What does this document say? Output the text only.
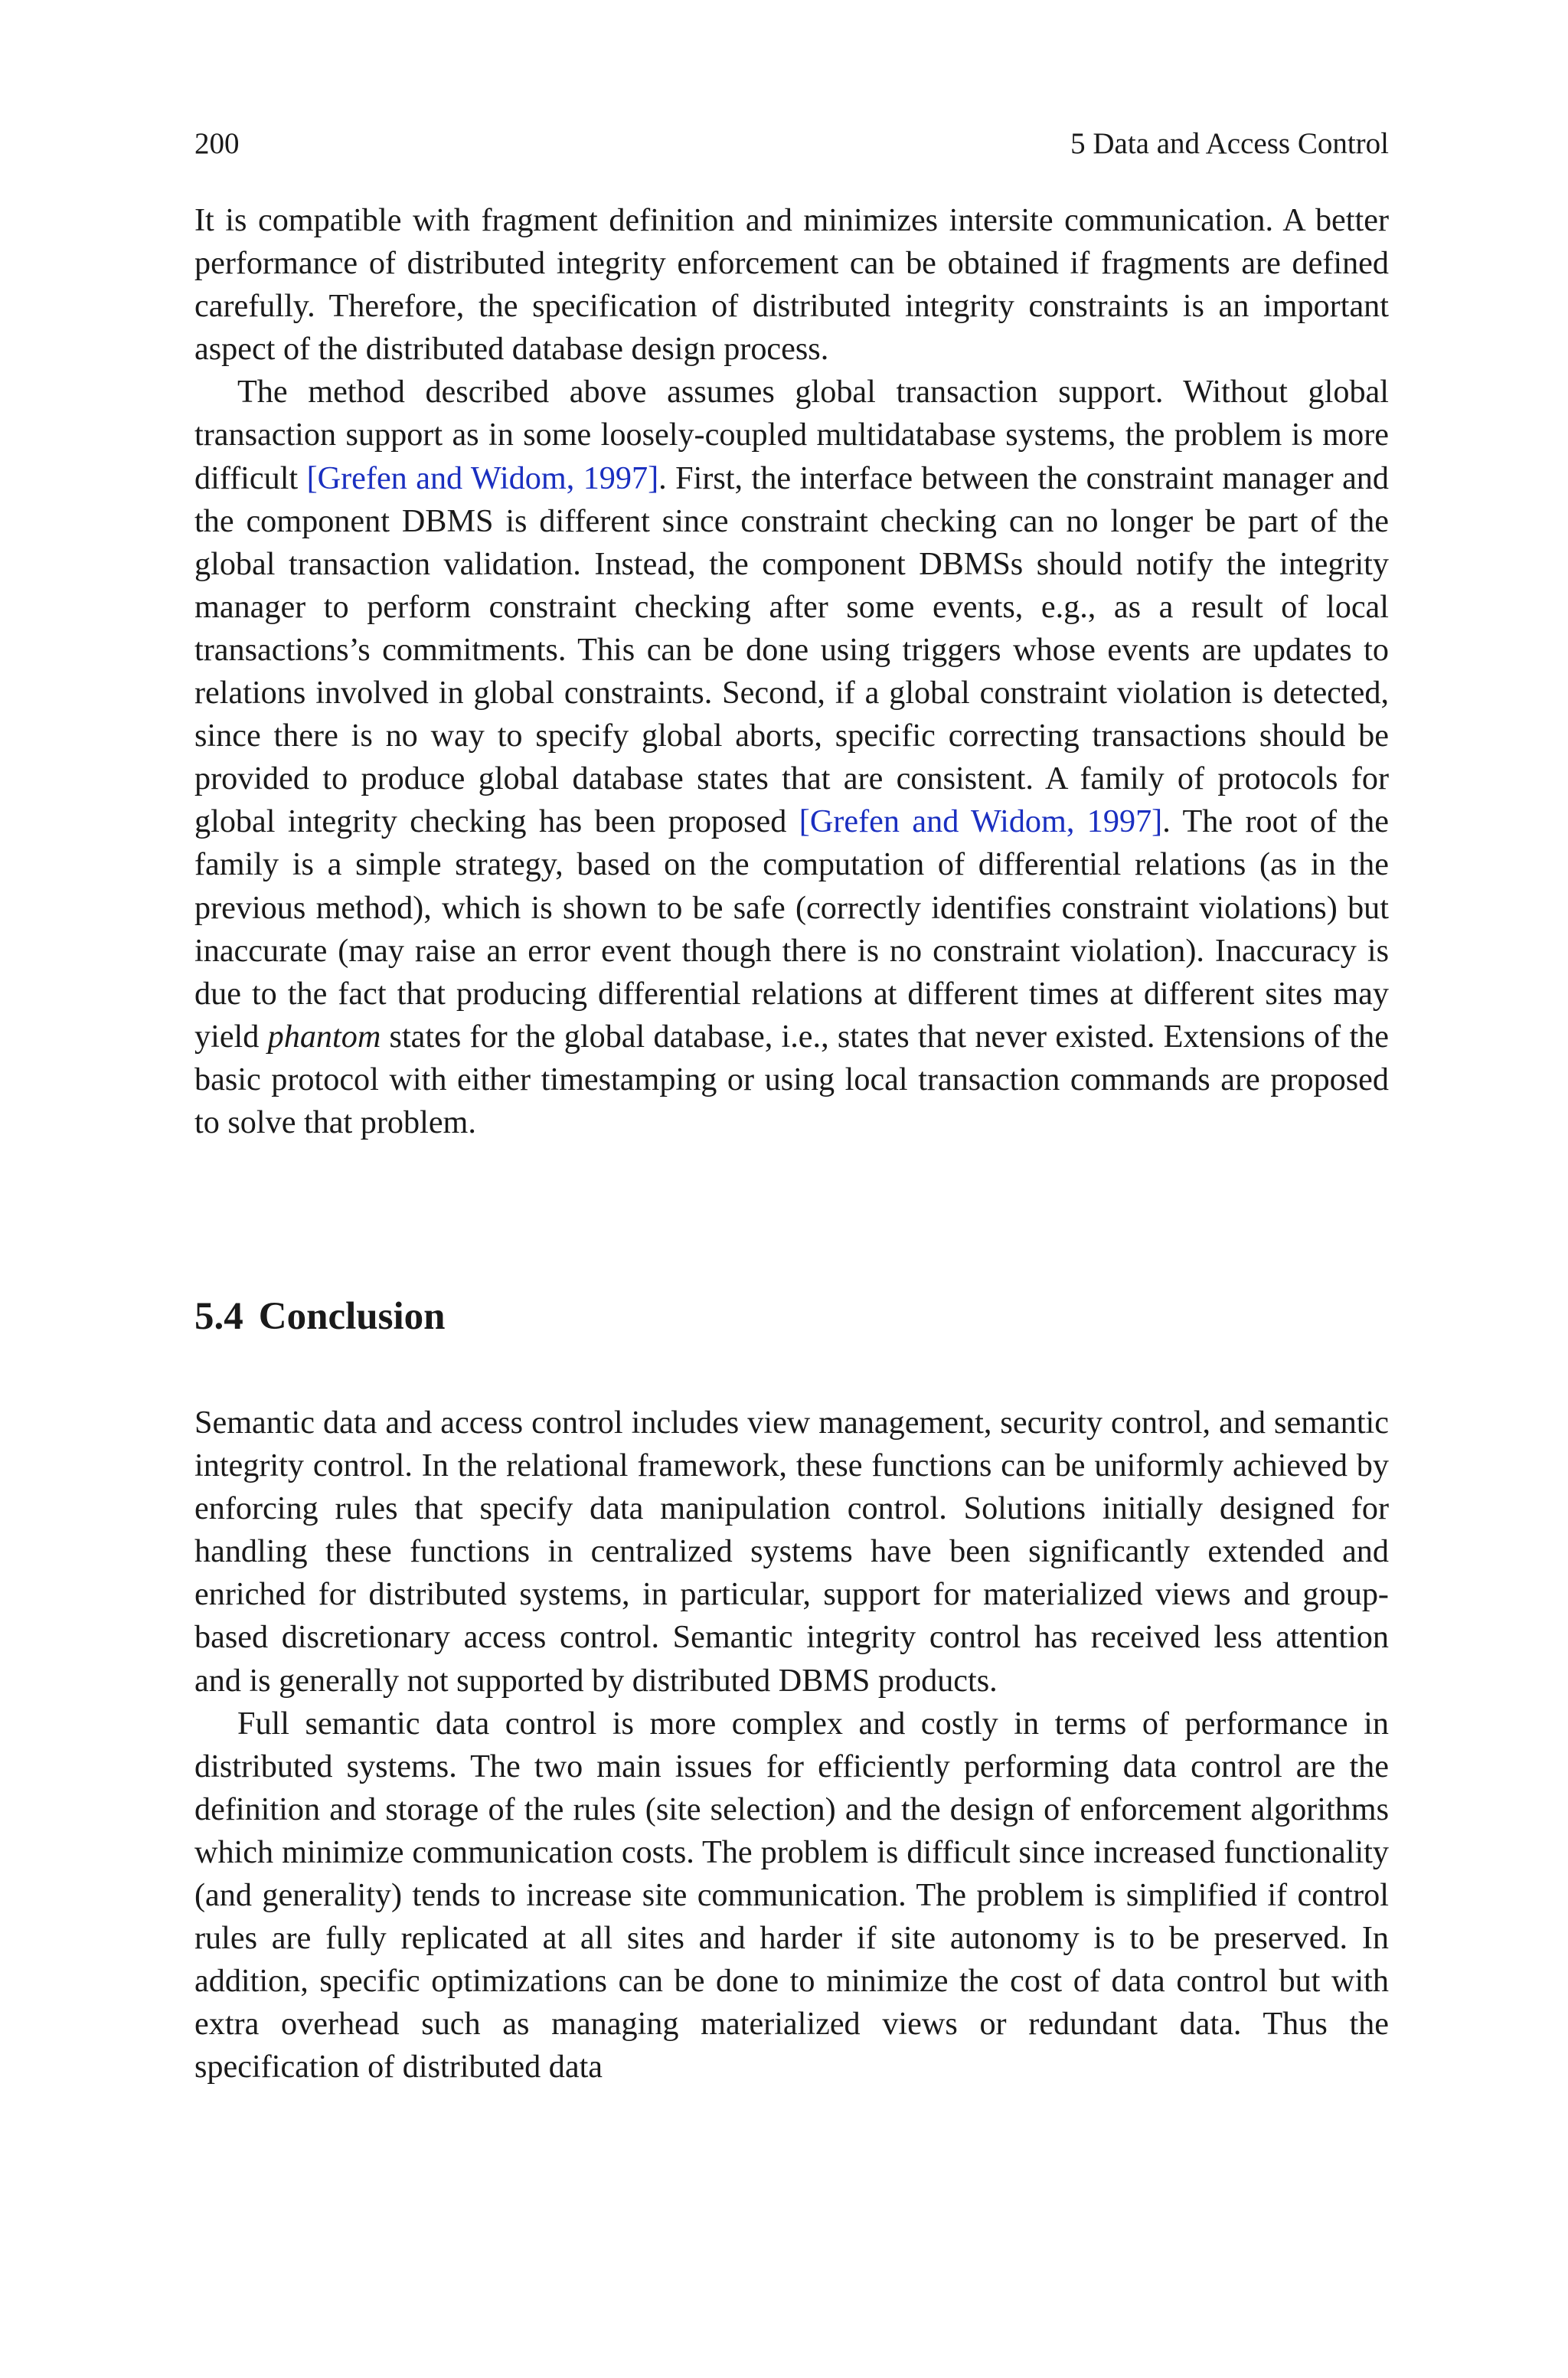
200	5 Data and Access Control

It is compatible with fragment definition and minimizes intersite communication. A better performance of distributed integrity enforcement can be obtained if fragments are defined carefully. Therefore, the specification of distributed integrity constraints is an important aspect of the distributed database design process.

The method described above assumes global transaction support. Without global transaction support as in some loosely-coupled multidatabase systems, the problem is more difficult [Grefen and Widom, 1997]. First, the interface between the constraint manager and the component DBMS is different since constraint checking can no longer be part of the global transaction validation. Instead, the component DBMSs should notify the integrity manager to perform constraint checking after some events, e.g., as a result of local transactions’s commitments. This can be done using triggers whose events are updates to relations involved in global constraints. Second, if a global constraint violation is detected, since there is no way to specify global aborts, specific correcting transactions should be provided to produce global database states that are consistent. A family of protocols for global integrity checking has been proposed [Grefen and Widom, 1997]. The root of the family is a simple strategy, based on the computation of differential relations (as in the previous method), which is shown to be safe (correctly identifies constraint violations) but inaccurate (may raise an error event though there is no constraint violation). Inaccuracy is due to the fact that producing differential relations at different times at different sites may yield phantom states for the global database, i.e., states that never existed. Extensions of the basic protocol with either timestamping or using local transaction commands are proposed to solve that problem.

5.4 Conclusion

Semantic data and access control includes view management, security control, and semantic integrity control. In the relational framework, these functions can be uniformly achieved by enforcing rules that specify data manipulation control. Solutions initially designed for handling these functions in centralized systems have been significantly extended and enriched for distributed systems, in particular, support for materialized views and group-based discretionary access control. Semantic integrity control has received less attention and is generally not supported by distributed DBMS products.

Full semantic data control is more complex and costly in terms of performance in distributed systems. The two main issues for efficiently performing data control are the definition and storage of the rules (site selection) and the design of enforcement algorithms which minimize communication costs. The problem is difficult since increased functionality (and generality) tends to increase site communication. The problem is simplified if control rules are fully replicated at all sites and harder if site autonomy is to be preserved. In addition, specific optimizations can be done to minimize the cost of data control but with extra overhead such as managing materialized views or redundant data. Thus the specification of distributed data
